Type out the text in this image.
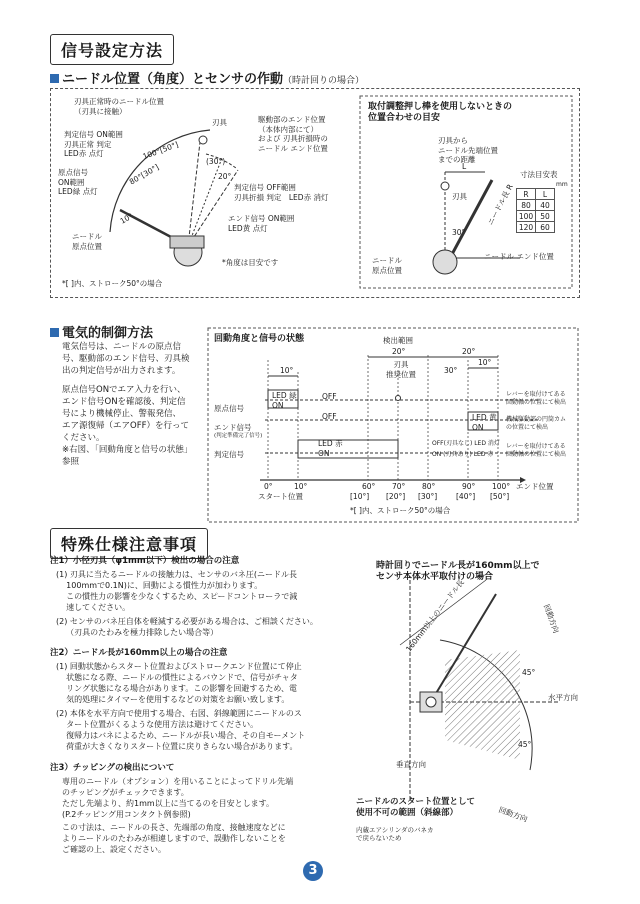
信号設定方法
ニードル位置（角度）とセンサの作動（時計回りの場合）
刃具正常時のニードル位置
（刃具に接触）
刃具	駆動部のエンド位置
（本体内部にて）
および 刃具折損時の
ニードル エンド位置
判定信号 ON範囲
刃具正常 判定
LED赤 点灯
原点信号
ON範囲
LED緑 点灯
100°[50°]
80°[30°]
(30°)
20°
10°
判定信号 OFF範囲
刃具折損 判定　LED赤 消灯
エンド信号 ON範囲
LED黄 点灯
ニードル
原点位置
*角度は目安です
*[ ]内、ストローク50°の場合
取付調整押し棒を使用しないときの
位置合わせの目安
刃具から
ニードル先端位置
までの距離
寸法目安表
mm
R	L
80	40
100	50
120	60
L
刃具	ニードル長 R
30°
ニードル
原点位置
ニードル エンド位置
電気的制御方法
電気信号は、ニードルの原点信
号、駆動部のエンド信号、刃具検
出の判定信号が出力されます。
原点信号ONでエア入力を行い、
エンド信号ONを確認後、判定信
号により機械停止、警報発信、
エア源復帰（エアOFF）を行って
ください。
※右図、「回動角度と信号の状態」
参照
回動角度と信号の状態	検出範囲
20°	20°
10°
10°
30°
刃具
推奨位置
原点信号
エンド信号
(判定準備完了信号)
判定信号
LED 緑
ON
OFF
OFF	LED 黄
ON
LED 赤
ON
OFF(刃具なし) LED 消灯
ON (刃具あり) LED 赤
レバーを取付けてある
回動軸の位置にて検出
機械駆動部の円筒カム
の位置にて検出
レバーを取付けてある
回動軸の位置にて検出
0°	10°	60° 70° 80°	90° 100°
[10°] [20°] [30°]	[40°] [50°]
スタート位置
エンド位置
*[ ]内、ストローク50°の場合
特殊仕様注意事項
注1）小径刃具（φ1mm以下）検出の場合の注意
(1) 刃具に当たるニードルの接触力は、センサのバネ圧(ニードル長
100mmで0.1N)に、回動による慣性力が加わります。
この慣性力の影響を少なくするため、スピードコントローラで減
速してください。
(2) センサのバネ圧自体を軽減する必要がある場合は、ご相談ください。
（刃具のたわみを極力排除したい場合等）
注2）ニードル長が160mm以上の場合の注意
(1) 回動状態からスタート位置およびストロークエンド位置にて停止
状態になる際、ニードルの慣性によるバウンドで、信号がチャタ
リング状態になる場合があります。この影響を回避するため、電
気的処理にタイマーを使用するなどの対策をお願い致します。
(2) 本体を水平方向で使用する場合、右図、斜線範囲にニードルのス
タート位置がくるような使用方法は避けてください。
復帰力はバネによるため、ニードルが長い場合、その自モーメント
荷重が大きくなりスタート位置に戻りきらない場合があります。
注3）チッピングの検出について
専用のニードル（オプション）を用いることによってドリル先端
のチッピングがチェックできます。
ただし先端より、約1mm以上に当てるのを目安とします。
(P.2チッピング用コンタクト例参照)
この寸法は、ニードルの長さ、先端部の角度、接触速度などに
よりニードルのたわみが相違しますので、誤動作しないことを
ご確認の上、設定ください。
時計回りでニードル長が160mm以上で
センサ本体水平取付けの場合
160mm以上のニードル長	回動方向
回動方向
水平方向
垂直方向
45°
45°
ニードルのスタート位置として
使用不可の範囲（斜線部）
内蔵エアシリンダのバネカ
で戻らないため
3
